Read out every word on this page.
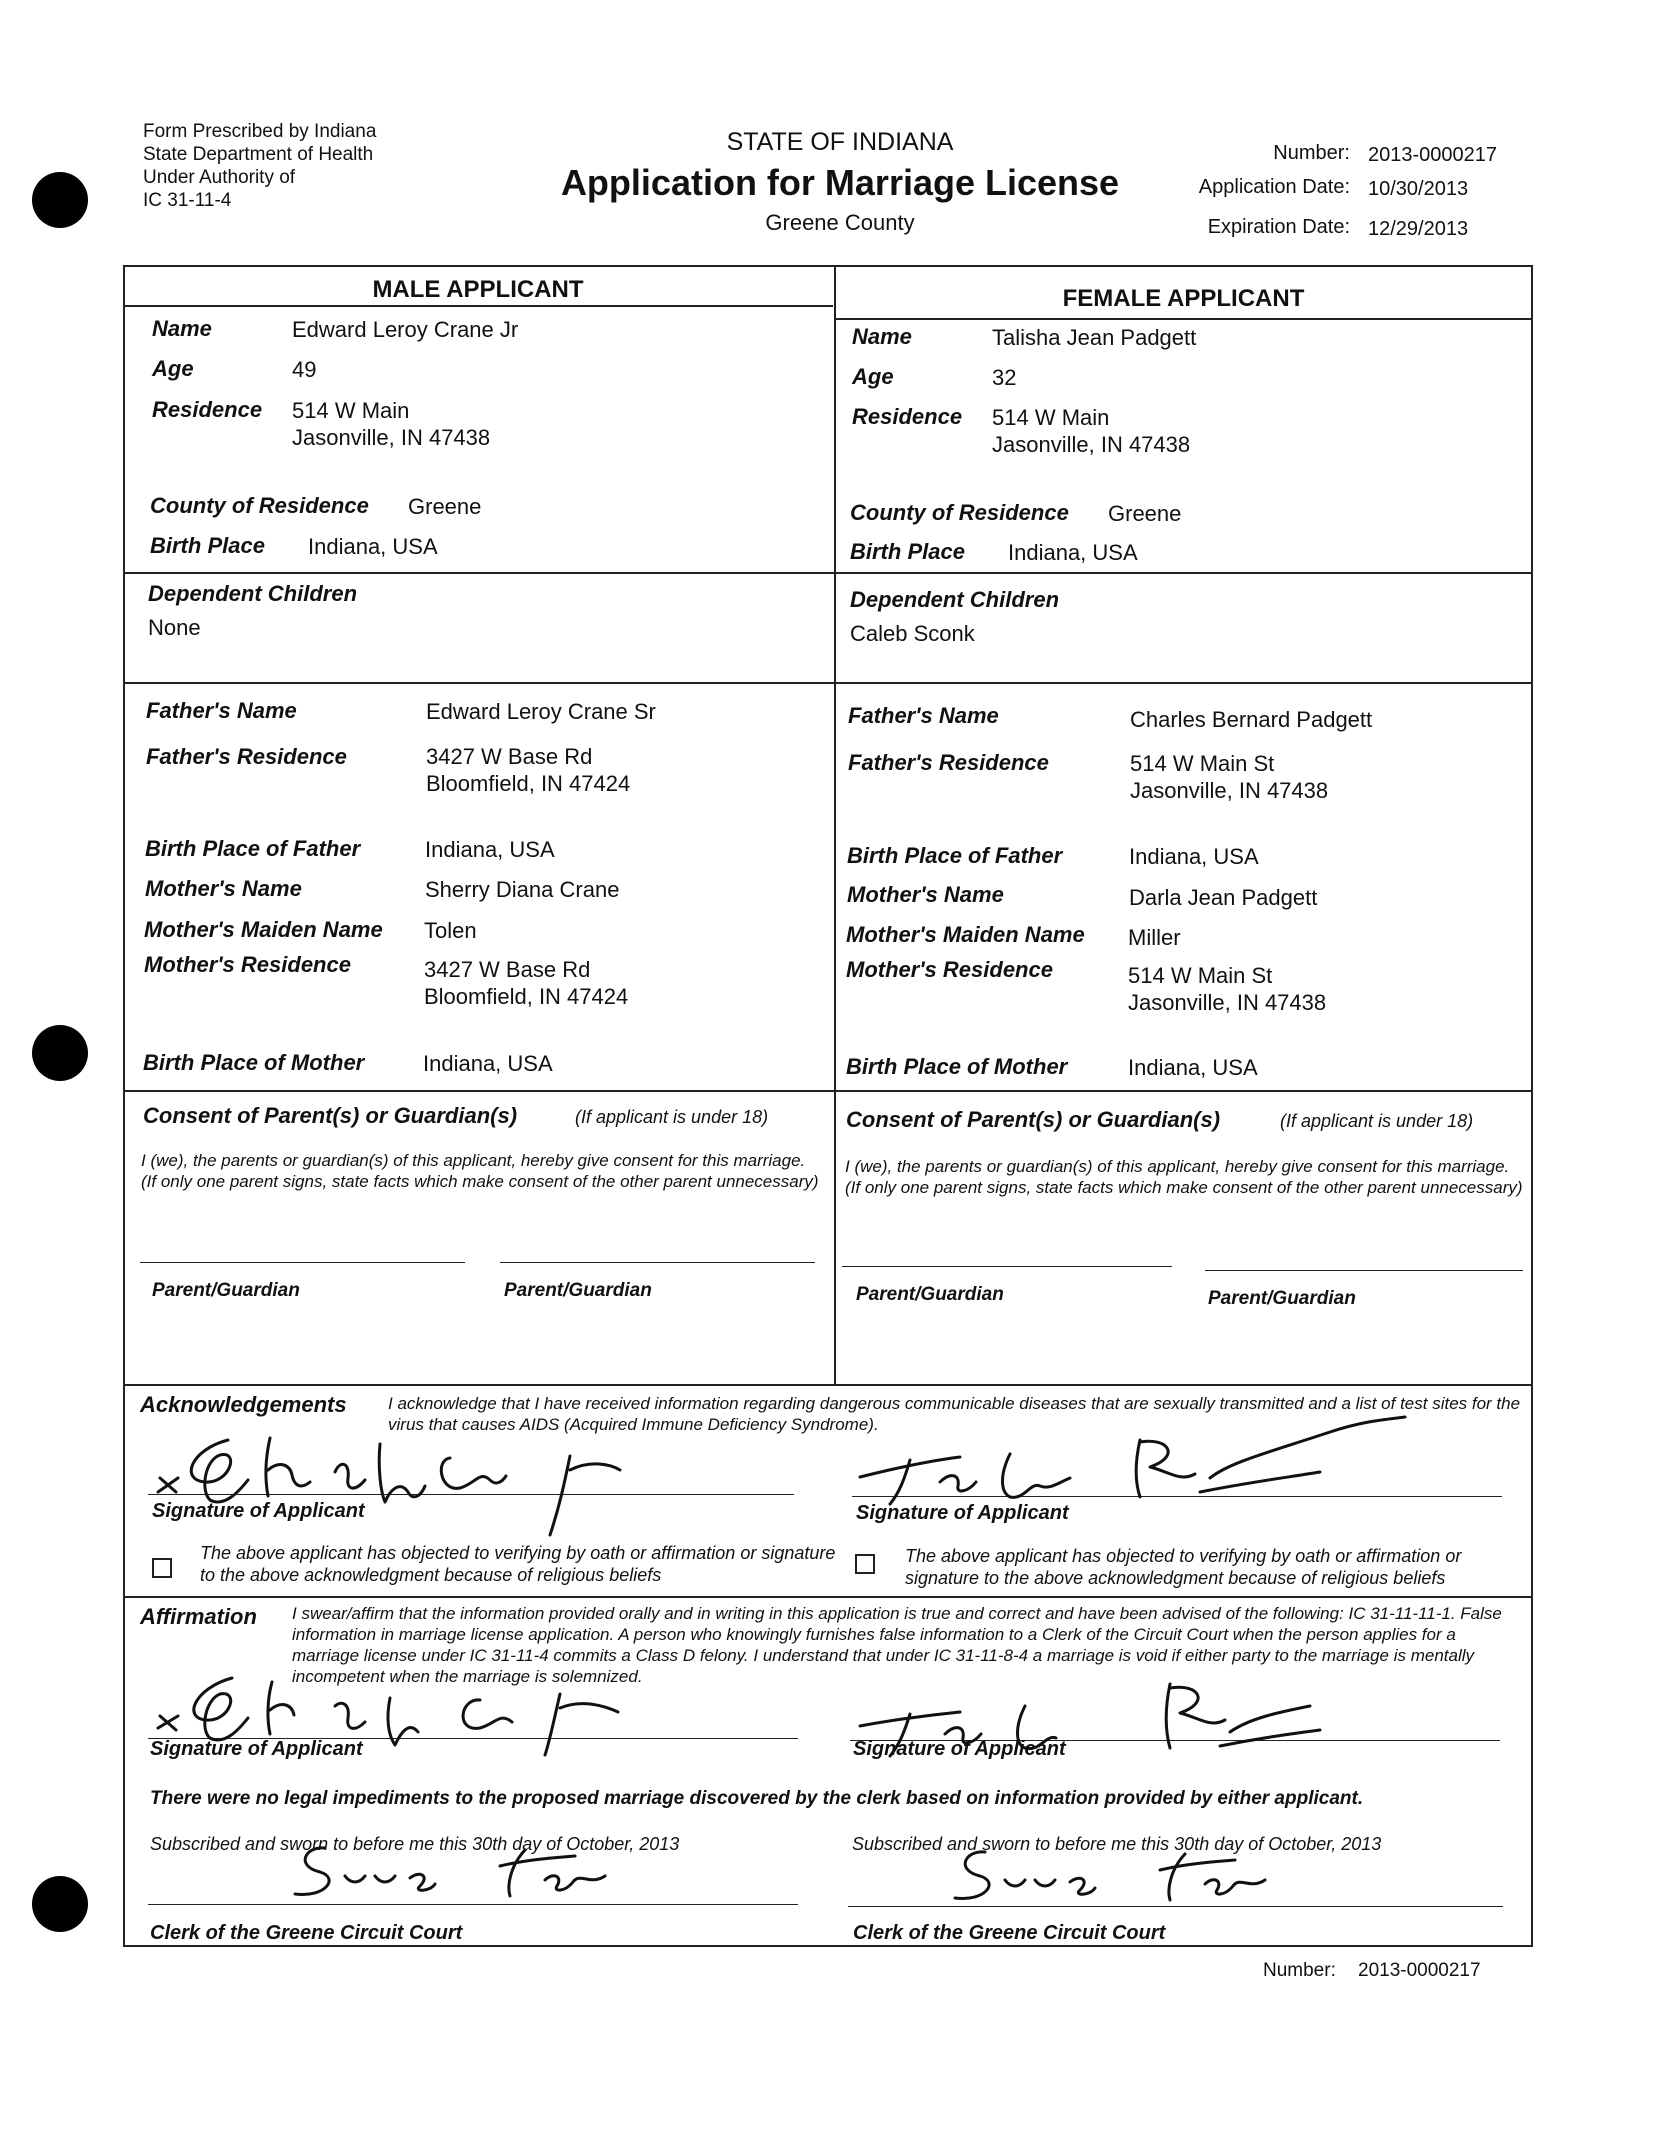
Form Prescribed by Indiana
State Department of Health
Under Authority of
IC 31-11-4
STATE OF INDIANA
Application for Marriage License
Greene County
Number: 2013-0000217
Application Date: 10/30/2013
Expiration Date: 12/29/2013
MALE APPLICANT
Name	Edward Leroy Crane Jr
Age	49
Residence 514 W Main
Jasonville, IN 47438
County of Residence Greene
Birth Place Indiana, USA
Dependent Children
None
Father's Name	Edward Leroy Crane Sr
Father's Residence	3427 W Base Rd
Bloomfield, IN 47424
Birth Place of Father	Indiana, USA
Mother's Name	Sherry Diana Crane
Mother's Maiden Name Tolen
Mother's Residence	3427 W Base Rd
Bloomfield, IN 47424
Birth Place of Mother	Indiana, USA
Consent of Parent(s) or Guardian(s)	(If applicant is under 18)
I (we), the parents or guardian(s) of this applicant, hereby give consent for this marriage. (If only one parent signs, state facts which make consent of the other parent unnecessary)
Parent/Guardian	Parent/Guardian
FEMALE APPLICANT
Name	Talisha Jean Padgett
Age	32
Residence 514 W Main
Jasonville, IN 47438
County of Residence Greene
Birth Place Indiana, USA
Dependent Children
Caleb Sconk
Father's Name	Charles Bernard Padgett
Father's Residence	514 W Main St
Jasonville, IN 47438
Birth Place of Father	Indiana, USA
Mother's Name	Darla Jean Padgett
Mother's Maiden Name Miller
Mother's Residence	514 W Main St
Jasonville, IN 47438
Birth Place of Mother	Indiana, USA
Consent of Parent(s) or Guardian(s)	(If applicant is under 18)
I (we), the parents or guardian(s) of this applicant, hereby give consent for this marriage. (If only one parent signs, state facts which make consent of the other parent unnecessary)
Parent/Guardian	Parent/Guardian
Acknowledgements I acknowledge that I have received information regarding dangerous communicable diseases that are sexually transmitted and a list of test sites for the virus that causes AIDS (Acquired Immune Deficiency Syndrome).
Signature of Applicant	Signature of Applicant
The above applicant has objected to verifying by oath or affirmation or signature to the above acknowledgment because of religious beliefs
The above applicant has objected to verifying by oath or affirmation or signature to the above acknowledgment because of religious beliefs
Affirmation I swear/affirm that the information provided orally and in writing in this application is true and correct and have been advised of the following: IC 31-11-11-1. False information in marriage license application. A person who knowingly furnishes false information to a Clerk of the Circuit Court when the person applies for a marriage license under IC 31-11-4 commits a Class D felony. I understand that under IC 31-11-8-4 a marriage is void if either party to the marriage is mentally incompetent when the marriage is solemnized.
Signature of Applicant	Signature of Applicant
There were no legal impediments to the proposed marriage discovered by the clerk based on information provided by either applicant.
Subscribed and sworn to before me this 30th day of October, 2013	Subscribed and sworn to before me this 30th day of October, 2013
Clerk of the Greene Circuit Court	Clerk of the Greene Circuit Court
Number: 2013-0000217
